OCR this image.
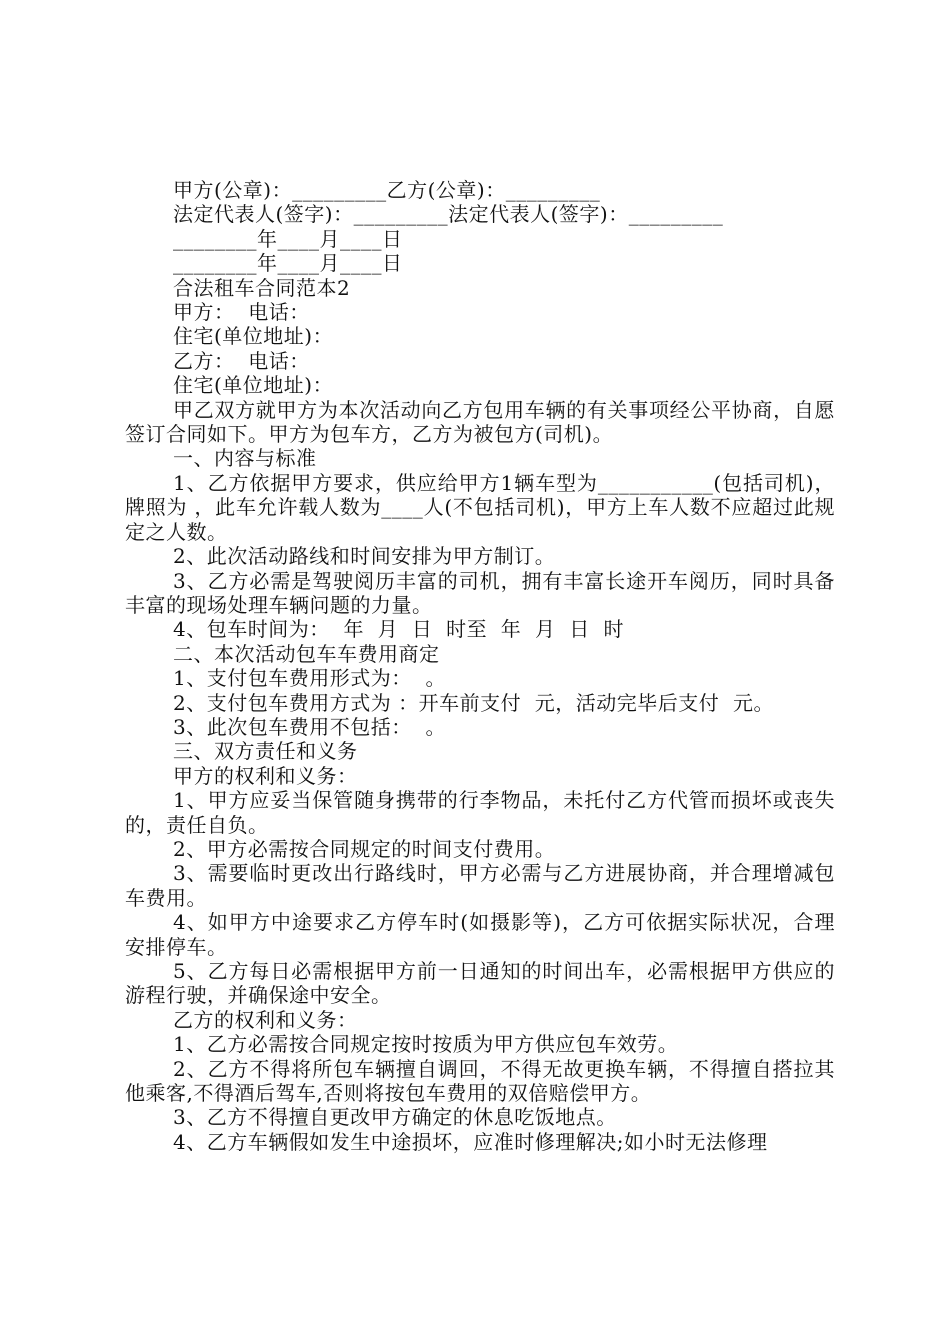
甲方(公章)：_________乙方(公章)：_________
法定代表人(签字)：_________法定代表人(签字)：_________
________年____月____日
________年____月____日
合法租车合同范本2
甲方：  电话：
住宅(单位地址)：
乙方：  电话：
住宅(单位地址)：

甲乙双方就甲方为本次活动向乙方包用车辆的有关事项经公平协商，自愿签订合同如下。甲方为包车方，乙方为被包方(司机)。

一、内容与标准

1、乙方依据甲方要求，供应给甲方1辆车型为___________(包括司机)，牌照为 ，此车允许载人数为____人(不包括司机)，甲方上车人数不应超过此规定之人数。

2、此次活动路线和时间安排为甲方制订。

3、乙方必需是驾驶阅历丰富的司机，拥有丰富长途开车阅历，同时具备丰富的现场处理车辆问题的力量。

4、包车时间为：  年  月  日  时至  年  月  日  时
二、本次活动包车车费用商定
1、支付包车费用形式为：  。
2、支付包车费用方式为 ：开车前支付  元，活动完毕后支付  元。
3、此次包车费用不包括：  。
三、双方责任和义务
甲方的权利和义务：

1、甲方应妥当保管随身携带的行李物品，未托付乙方代管而损坏或丧失的，责任自负。

2、甲方必需按合同规定的时间支付费用。

3、需要临时更改出行路线时，甲方必需与乙方进展协商，并合理增减包车费用。

4、如甲方中途要求乙方停车时(如摄影等)，乙方可依据实际状况，合理安排停车。

5、乙方每日必需根据甲方前一日通知的时间出车，必需根据甲方供应的游程行驶，并确保途中安全。

乙方的权利和义务：

1、乙方必需按合同规定按时按质为甲方供应包车效劳。

2、乙方不得将所包车辆擅自调回，不得无故更换车辆，不得擅自搭拉其他乘客,不得酒后驾车,否则将按包车费用的双倍赔偿甲方。

3、乙方不得擅自更改甲方确定的休息吃饭地点。

4、乙方车辆假如发生中途损坏，应准时修理解决;如小时无法修理
